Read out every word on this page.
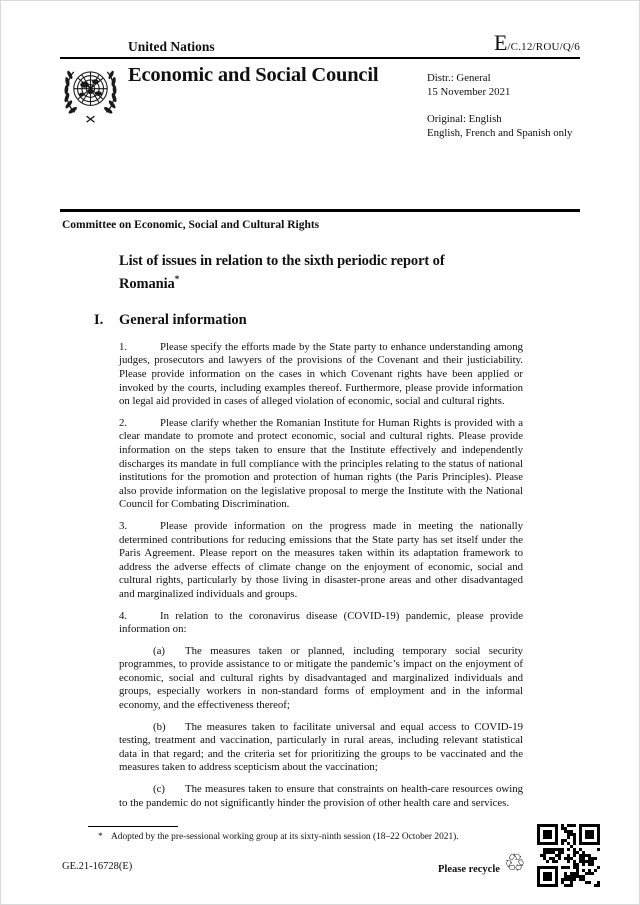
United Nations	E/C.12/ROU/Q/6
Economic and Social Council	Distr.: General
15 November 2021
Original: English
English, French and Spanish only
Committee on Economic, Social and Cultural Rights
List of issues in relation to the sixth periodic report of Romania*
I. General information

1.	Please specify the efforts made by the State party to enhance understanding among judges, prosecutors and lawyers of the provisions of the Covenant and their justiciability. Please provide information on the cases in which Covenant rights have been applied or invoked by the courts, including examples thereof. Furthermore, please provide information on legal aid provided in cases of alleged violation of economic, social and cultural rights.

2.	Please clarify whether the Romanian Institute for Human Rights is provided with a clear mandate to promote and protect economic, social and cultural rights. Please provide information on the steps taken to ensure that the Institute effectively and independently discharges its mandate in full compliance with the principles relating to the status of national institutions for the promotion and protection of human rights (the Paris Principles). Please also provide information on the legislative proposal to merge the Institute with the National Council for Combating Discrimination.

3.	Please provide information on the progress made in meeting the nationally determined contributions for reducing emissions that the State party has set itself under the Paris Agreement. Please report on the measures taken within its adaptation framework to address the adverse effects of climate change on the enjoyment of economic, social and cultural rights, particularly by those living in disaster-prone areas and other disadvantaged and marginalized individuals and groups.

4.	In relation to the coronavirus disease (COVID-19) pandemic, please provide information on:

(a) The measures taken or planned, including temporary social security programmes, to provide assistance to or mitigate the pandemic’s impact on the enjoyment of economic, social and cultural rights by disadvantaged and marginalized individuals and groups, especially workers in non-standard forms of employment and in the informal economy, and the effectiveness thereof;

(b) The measures taken to facilitate universal and equal access to COVID-19 testing, treatment and vaccination, particularly in rural areas, including relevant statistical data in that regard; and the criteria set for prioritizing the groups to be vaccinated and the measures taken to address scepticism about the vaccination;

(c) The measures taken to ensure that constraints on health-care resources owing to the pandemic do not significantly hinder the provision of other health care and services.

* Adopted by the pre-sessional working group at its sixty-ninth session (18–22 October 2021).
GE.21-16728(E)	Please recycle ♲
